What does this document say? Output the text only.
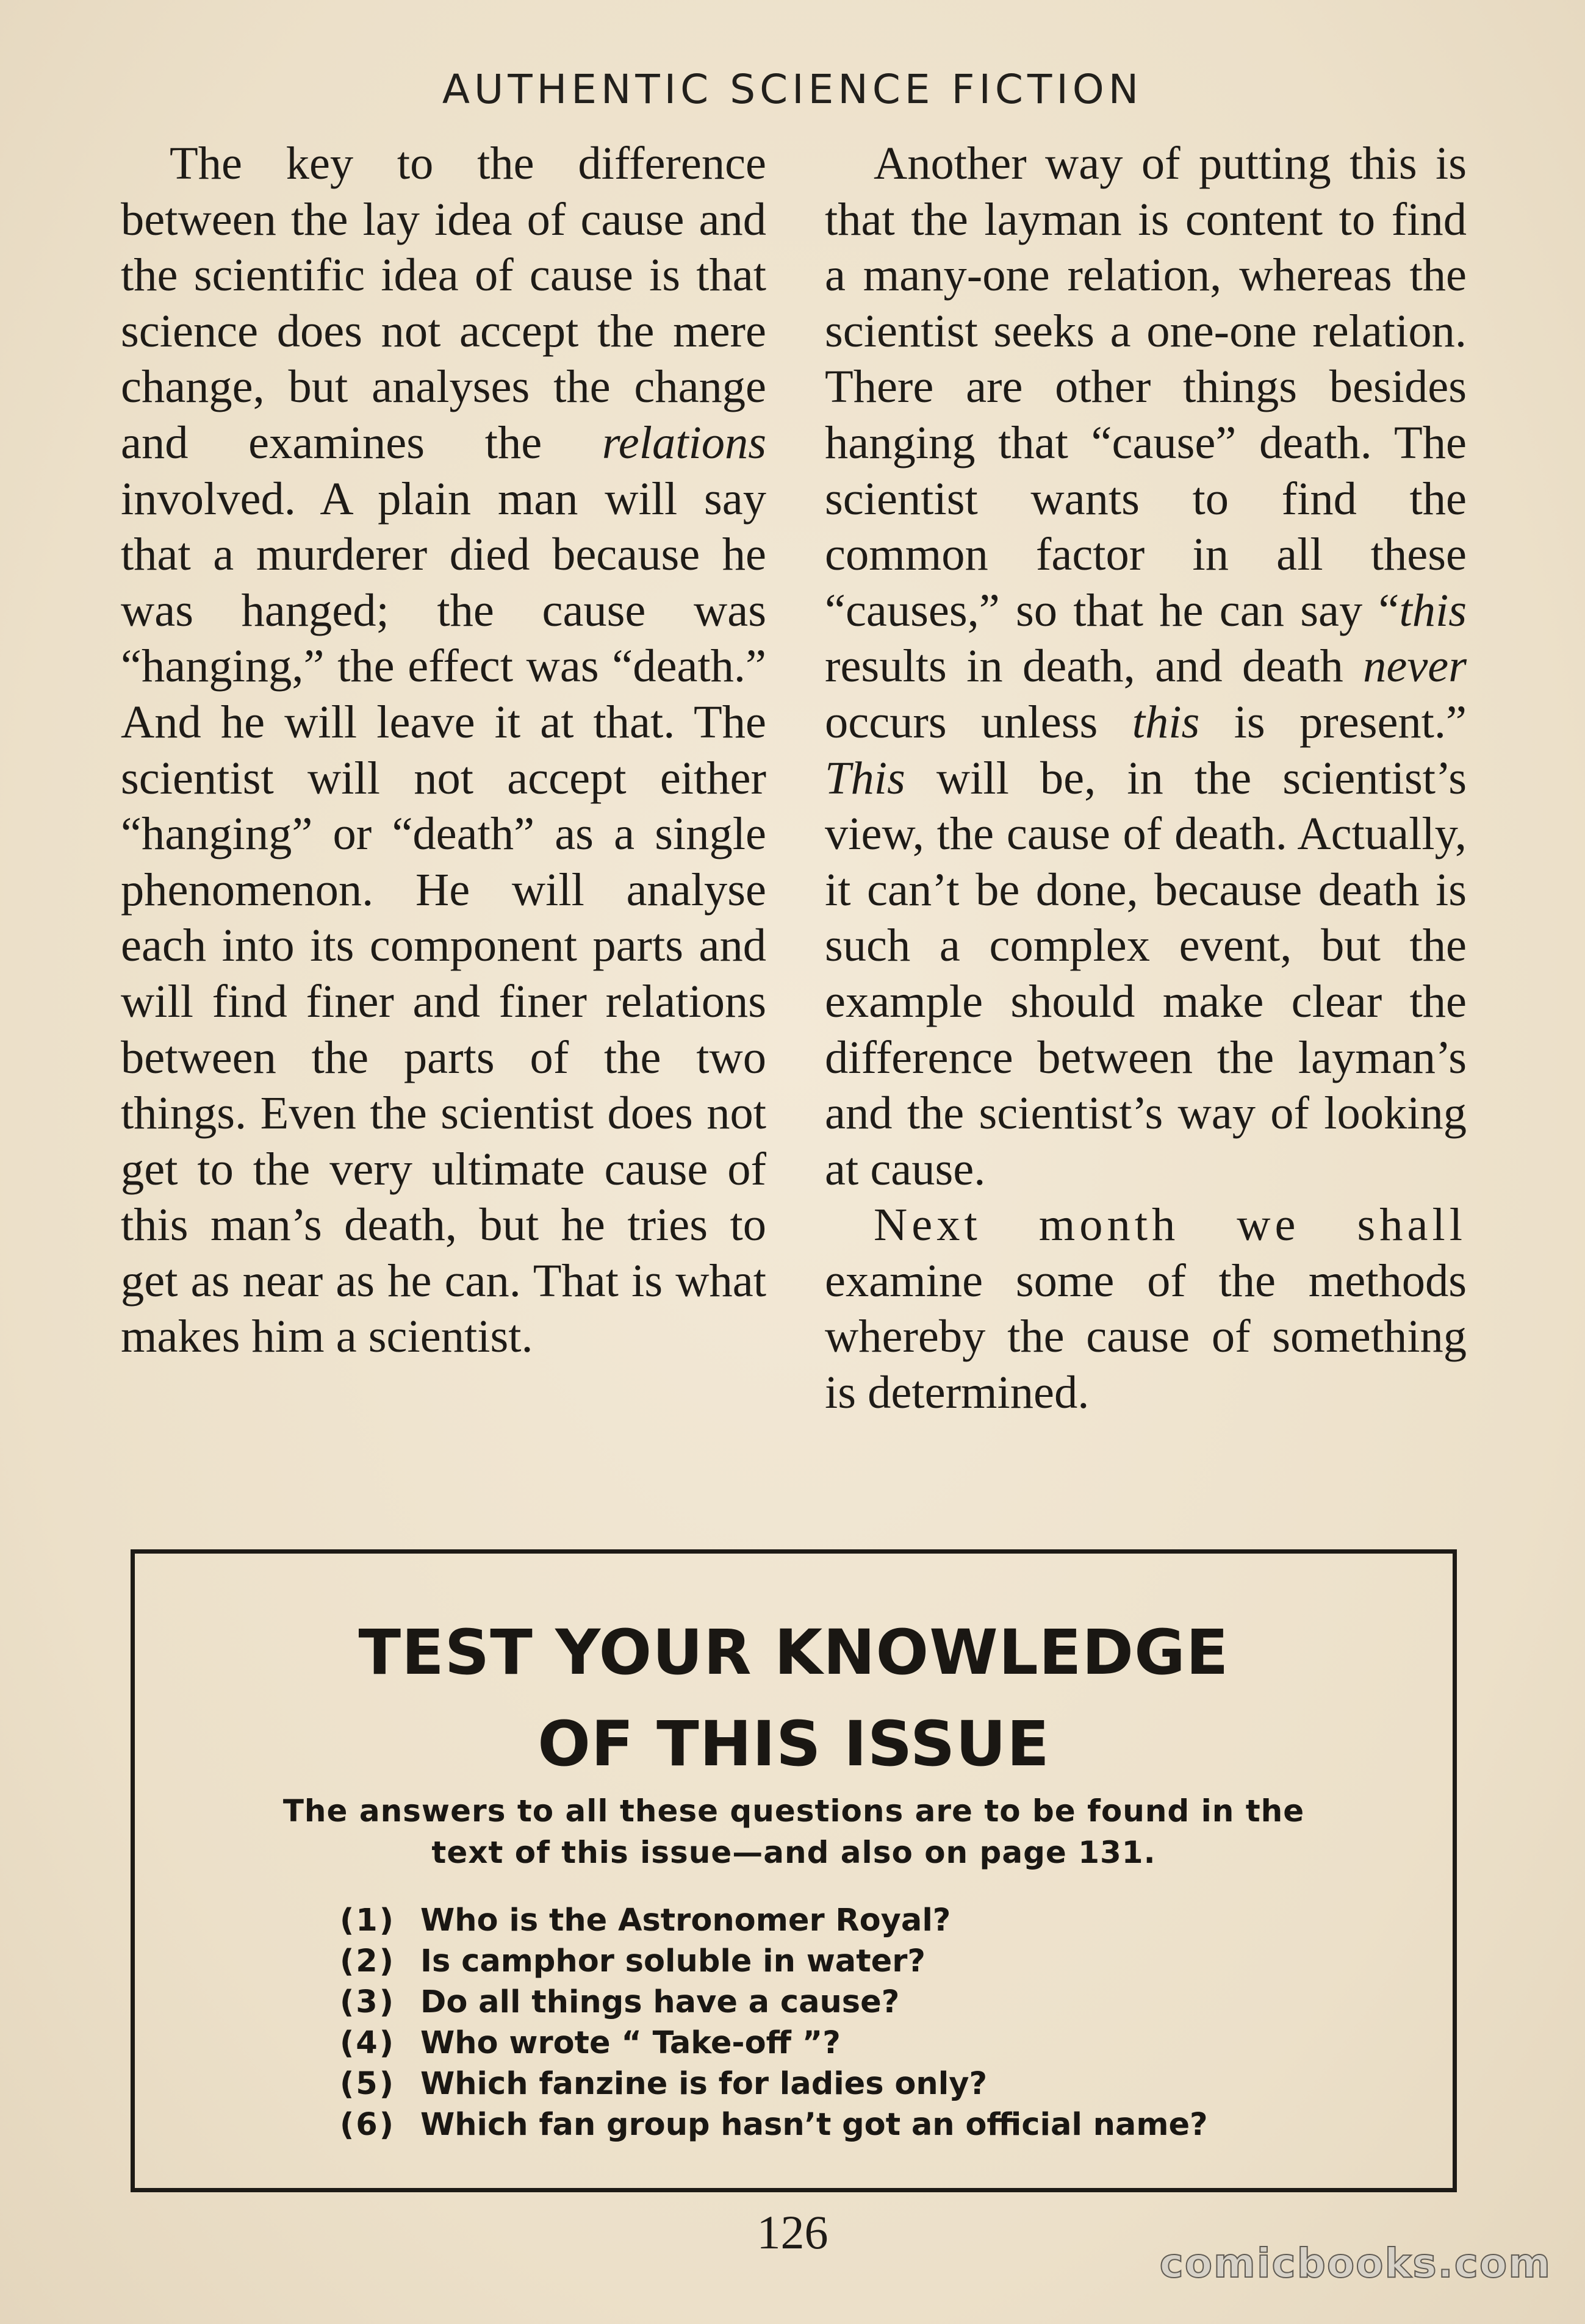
AUTHENTIC SCIENCE FICTION

The key to the difference between the lay idea of cause and the scientific idea of cause is that science does not accept the mere change, but analyses the change and examines the relations involved. A plain man will say that a murderer died because he was hanged; the cause was “hanging,” the effect was “death.” And he will leave it at that. The scientist will not accept either “hanging” or “death” as a single phenomenon. He will analyse each into its component parts and will find finer and finer relations between the parts of the two things. Even the scientist does not get to the very ultimate cause of this man’s death, but he tries to get as near as he can. That is what makes him a scientist.

Another way of putting this is that the layman is content to find a many-one relation, whereas the scientist seeks a one-one relation. There are other things besides hanging that “cause” death. The scientist wants to find the common factor in all these “causes,” so that he can say “this results in death, and death never occurs unless this is present.” This will be, in the scientist’s view, the cause of death. Actually, it can’t be done, because death is such a complex event, but the example should make clear the difference between the layman’s and the scientist’s way of looking at cause.

Next month we shall examine some of the methods whereby the cause of something is determined.

TEST YOUR KNOWLEDGE
OF THIS ISSUE
The answers to all these questions are to be found in the
text of this issue—and also on page 131.
(1) Who is the Astronomer Royal?
(2) Is camphor soluble in water?
(3) Do all things have a cause?
(4) Who wrote “ Take-off ”?
(5) Which fanzine is for ladies only?
(6) Which fan group hasn’t got an official name?
126
comicbooks.com
